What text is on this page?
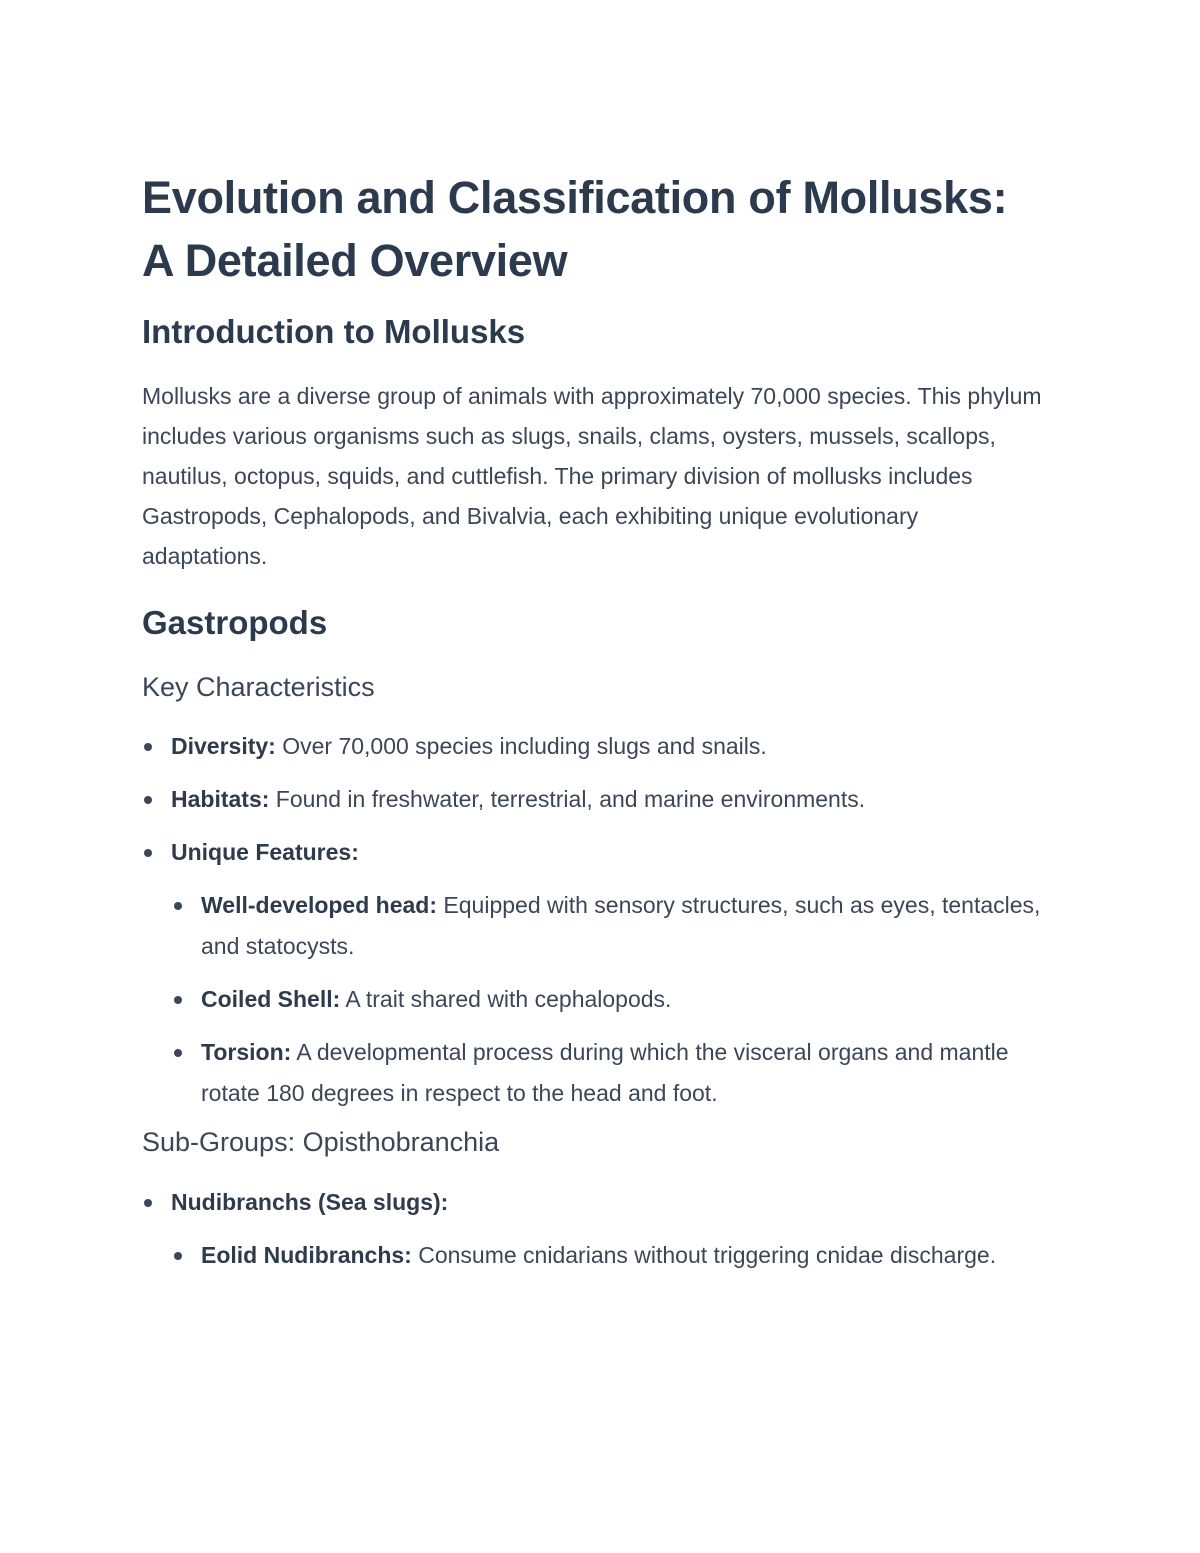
Evolution and Classification of Mollusks: A Detailed Overview
Introduction to Mollusks

Mollusks are a diverse group of animals with approximately 70,000 species. This phylum includes various organisms such as slugs, snails, clams, oysters, mussels, scallops, nautilus, octopus, squids, and cuttlefish. The primary division of mollusks includes Gastropods, Cephalopods, and Bivalvia, each exhibiting unique evolutionary adaptations.

Gastropods
Key Characteristics
Diversity: Over 70,000 species including slugs and snails.
Habitats: Found in freshwater, terrestrial, and marine environments.
Unique Features:
Well-developed head: Equipped with sensory structures, such as eyes, tentacles, and statocysts.
Coiled Shell: A trait shared with cephalopods.
Torsion: A developmental process during which the visceral organs and mantle rotate 180 degrees in respect to the head and foot.
Sub-Groups: Opisthobranchia
Nudibranchs (Sea slugs):
Eolid Nudibranchs: Consume cnidarians without triggering cnidae discharge.
